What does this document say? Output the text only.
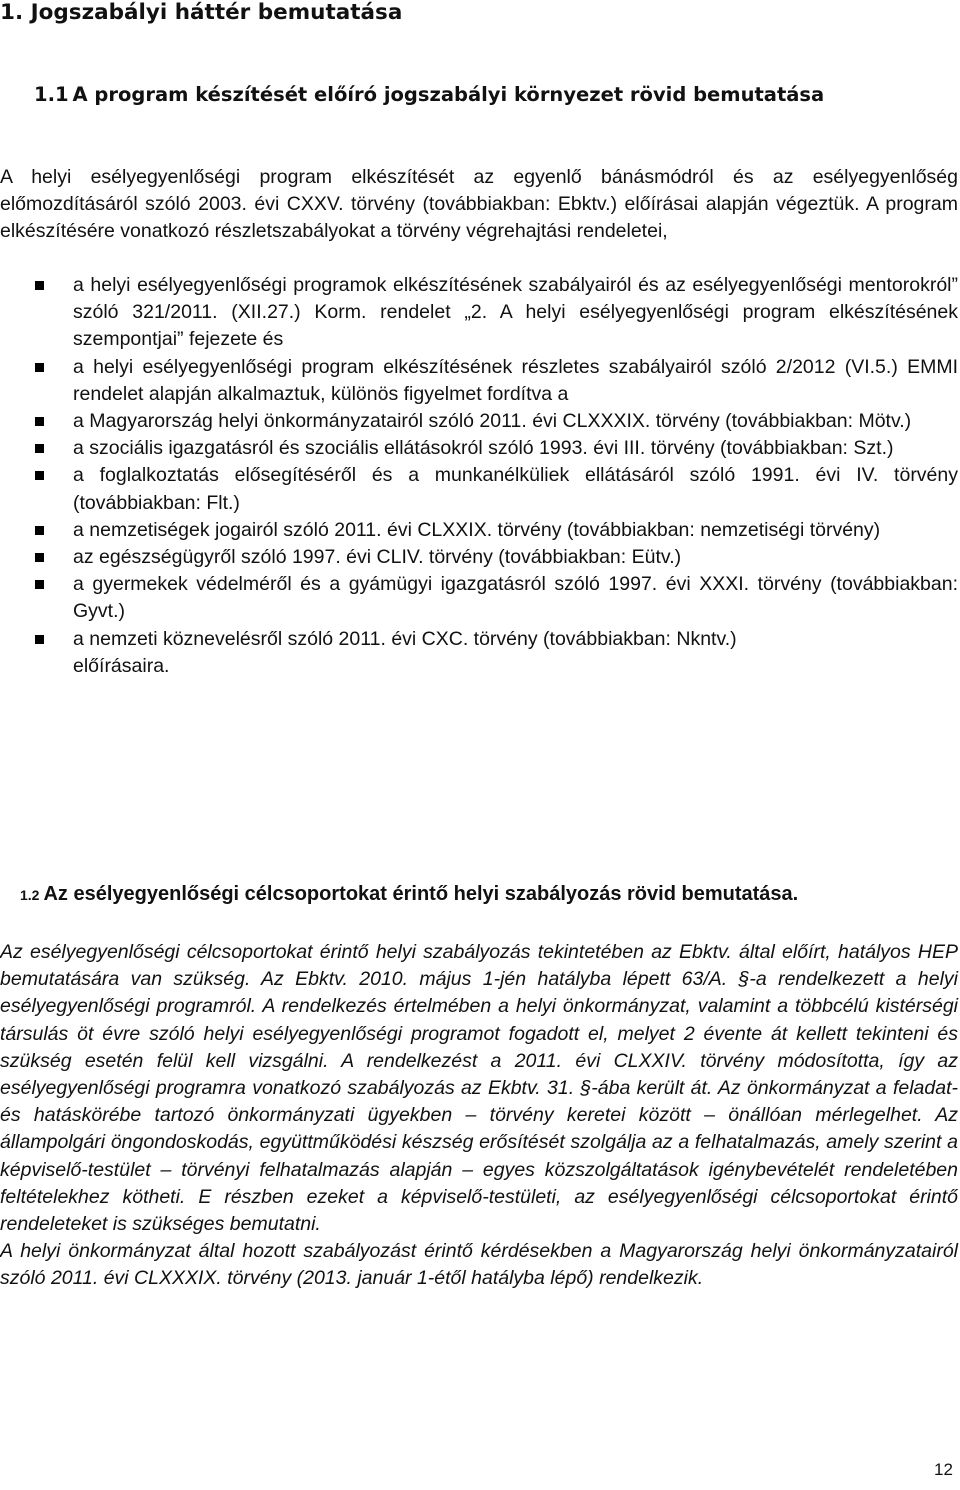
1. Jogszabályi háttér bemutatása
1.1 A program készítését előíró jogszabályi környezet rövid bemutatása
A helyi esélyegyenlőségi program elkészítését az egyenlő bánásmódról és az esélyegyenlőség előmozdításáról szóló 2003. évi CXXV. törvény (továbbiakban: Ebktv.) előírásai alapján végeztük. A program elkészítésére vonatkozó részletszabályokat a törvény végrehajtási rendeletei,
a helyi esélyegyenlőségi programok elkészítésének szabályairól és az esélyegyenlőségi mentorokról” szóló 321/2011. (XII.27.) Korm. rendelet „2. A helyi esélyegyenlőségi program elkészítésének szempontjai” fejezete és
a helyi esélyegyenlőségi program elkészítésének részletes szabályairól szóló 2/2012 (VI.5.) EMMI rendelet alapján alkalmaztuk, különös figyelmet fordítva a
a Magyarország helyi önkormányzatairól szóló 2011. évi CLXXXIX. törvény (továbbiakban: Mötv.)
a szociális igazgatásról és szociális ellátásokról szóló 1993. évi III. törvény (továbbiakban: Szt.)
a foglalkoztatás elősegítéséről és a munkanélküliek ellátásáról szóló 1991. évi IV. törvény (továbbiakban: Flt.)
a nemzetiségek jogairól szóló 2011. évi CLXXIX. törvény (továbbiakban: nemzetiségi törvény)
az egészségügyről szóló 1997. évi CLIV. törvény (továbbiakban: Eütv.)
a gyermekek védelméről és a gyámügyi igazgatásról szóló 1997. évi XXXI. törvény (továbbiakban: Gyvt.)
a nemzeti köznevelésről szóló 2011. évi CXC. törvény (továbbiakban: Nkntv.)
előírásaira.
1.2 Az esélyegyenlőségi célcsoportokat érintő helyi szabályozás rövid bemutatása.

Az esélyegyenlőségi célcsoportokat érintő helyi szabályozás tekintetében az Ebktv. által előírt, hatályos HEP bemutatására van szükség. Az Ebktv. 2010. május 1-jén hatályba lépett 63/A. §-a rendelkezett a helyi esélyegyenlőségi programról. A rendelkezés értelmében a helyi önkormányzat, valamint a többcélú kistérségi társulás öt évre szóló helyi esélyegyenlőségi programot fogadott el, melyet 2 évente át kellett tekinteni és szükség esetén felül kell vizsgálni. A rendelkezést a 2011. évi CLXXIV. törvény módosította, így az esélyegyenlőségi programra vonatkozó szabályozás az Ekbtv. 31. §-ába került át. Az önkormányzat a feladat- és hatáskörébe tartozó önkormányzati ügyekben – törvény keretei között – önállóan mérlegelhet. Az állampolgári öngondoskodás, együttműködési készség erősítését szolgálja az a felhatalmazás, amely szerint a képviselő-testület – törvényi felhatalmazás alapján – egyes közszolgáltatások igénybevételét rendeletében feltételekhez kötheti. E részben ezeket a képviselő-testületi, az esélyegyenlőségi célcsoportokat érintő rendeleteket is szükséges bemutatni.

A helyi önkormányzat által hozott szabályozást érintő kérdésekben a Magyarország helyi önkormányzatairól szóló 2011. évi CLXXXIX. törvény (2013. január 1-étől hatályba lépő) rendelkezik.

12
